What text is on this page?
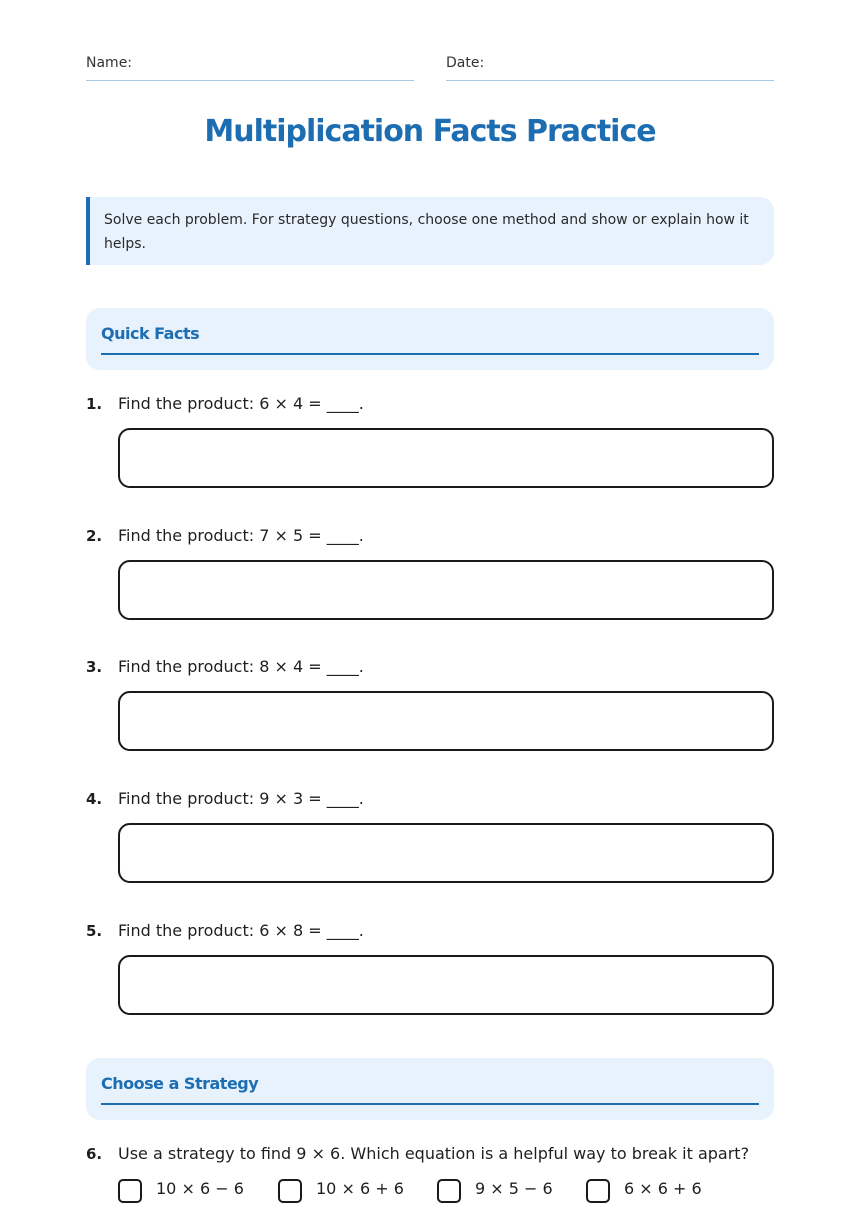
Name:	Date:
Multiplication Facts Practice
Solve each problem. For strategy questions, choose one method and show or explain how it helps.
Quick Facts
1. Find the product: 6 × 4 = ____.
2. Find the product: 7 × 5 = ____.
3. Find the product: 8 × 4 = ____.
4. Find the product: 9 × 3 = ____.
5. Find the product: 6 × 8 = ____.
Choose a Strategy
6. Use a strategy to find 9 × 6. Which equation is a helpful way to break it apart?
10 × 6 − 6	10 × 6 + 6	9 × 5 − 6	6 × 6 + 6
